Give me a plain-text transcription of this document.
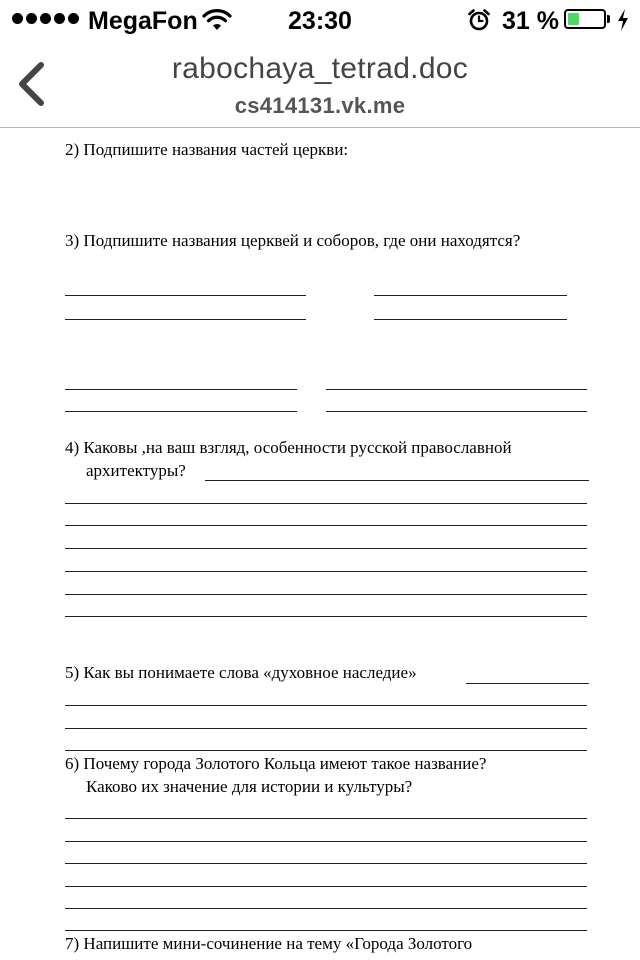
MegaFon	23:30	31 %
rabochaya_tetrad.doc
cs414131.vk.me
2) Подпишите названия частей церкви:
3) Подпишите названия церквей и соборов, где они находятся?
4) Каковы ,на ваш взгляд, особенности русской православной
архитектуры?
5) Как вы понимаете слова «духовное наследие»
6) Почему города Золотого Кольца имеют такое название?
Каково их значение для истории и культуры?
7) Напишите мини-сочинение на тему «Города Золотого
